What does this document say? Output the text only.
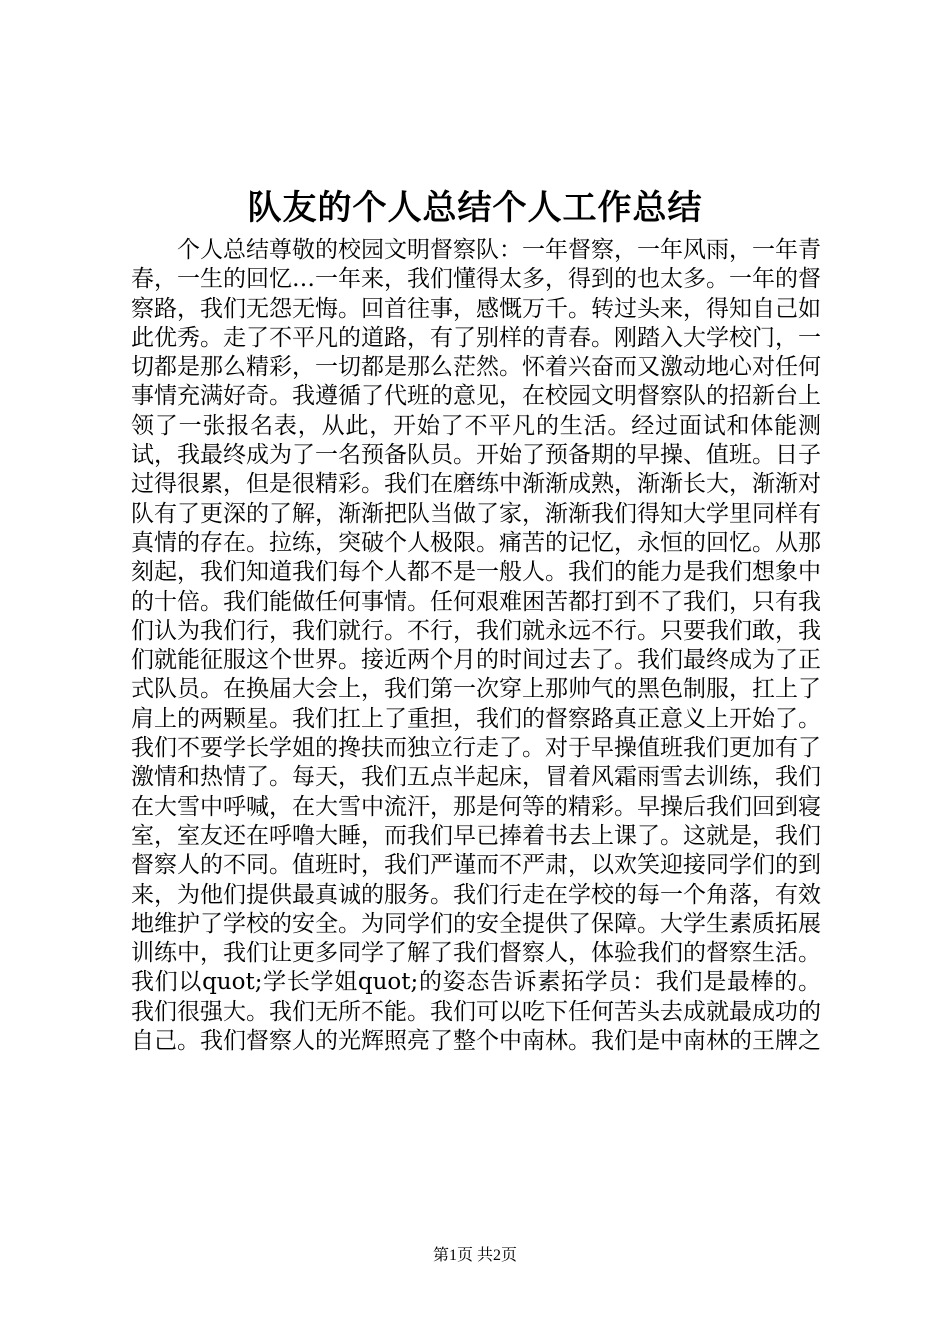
队友的个人总结个人工作总结

个人总结尊敬的校园文明督察队：一年督察，一年风雨，一年青春，一生的回忆…一年来，我们懂得太多，得到的也太多。一年的督察路，我们无怨无悔。回首往事，感慨万千。转过头来，得知自己如此优秀。走了不平凡的道路，有了别样的青春。刚踏入大学校门，一切都是那么精彩，一切都是那么茫然。怀着兴奋而又激动地心对任何事情充满好奇。我遵循了代班的意见，在校园文明督察队的招新台上领了一张报名表，从此，开始了不平凡的生活。经过面试和体能测试，我最终成为了一名预备队员。开始了预备期的早操、值班。日子过得很累，但是很精彩。我们在磨练中渐渐成熟，渐渐长大，渐渐对队有了更深的了解，渐渐把队当做了家，渐渐我们得知大学里同样有真情的存在。拉练，突破个人极限。痛苦的记忆，永恒的回忆。从那刻起，我们知道我们每个人都不是一般人。我们的能力是我们想象中的十倍。我们能做任何事情。任何艰难困苦都打到不了我们，只有我们认为我们行，我们就行。不行，我们就永远不行。只要我们敢，我们就能征服这个世界。接近两个月的时间过去了。我们最终成为了正式队员。在换届大会上，我们第一次穿上那帅气的黑色制服，扛上了肩上的两颗星。我们扛上了重担，我们的督察路真正意义上开始了。我们不要学长学姐的搀扶而独立行走了。对于早操值班我们更加有了激情和热情了。每天，我们五点半起床，冒着风霜雨雪去训练，我们在大雪中呼喊，在大雪中流汗，那是何等的精彩。早操后我们回到寝室，室友还在呼噜大睡，而我们早已捧着书去上课了。这就是，我们督察人的不同。值班时，我们严谨而不严肃，以欢笑迎接同学们的到来，为他们提供最真诚的服务。我们行走在学校的每一个角落，有效地维护了学校的安全。为同学们的安全提供了保障。大学生素质拓展训练中，我们让更多同学了解了我们督察人，体验我们的督察生活。我们以quot;学长学姐quot;的姿态告诉素拓学员：我们是最棒的。我们很强大。我们无所不能。我们可以吃下任何苦头去成就最成功的自己。我们督察人的光辉照亮了整个中南林。我们是中南林的王牌之

第1页 共2页
